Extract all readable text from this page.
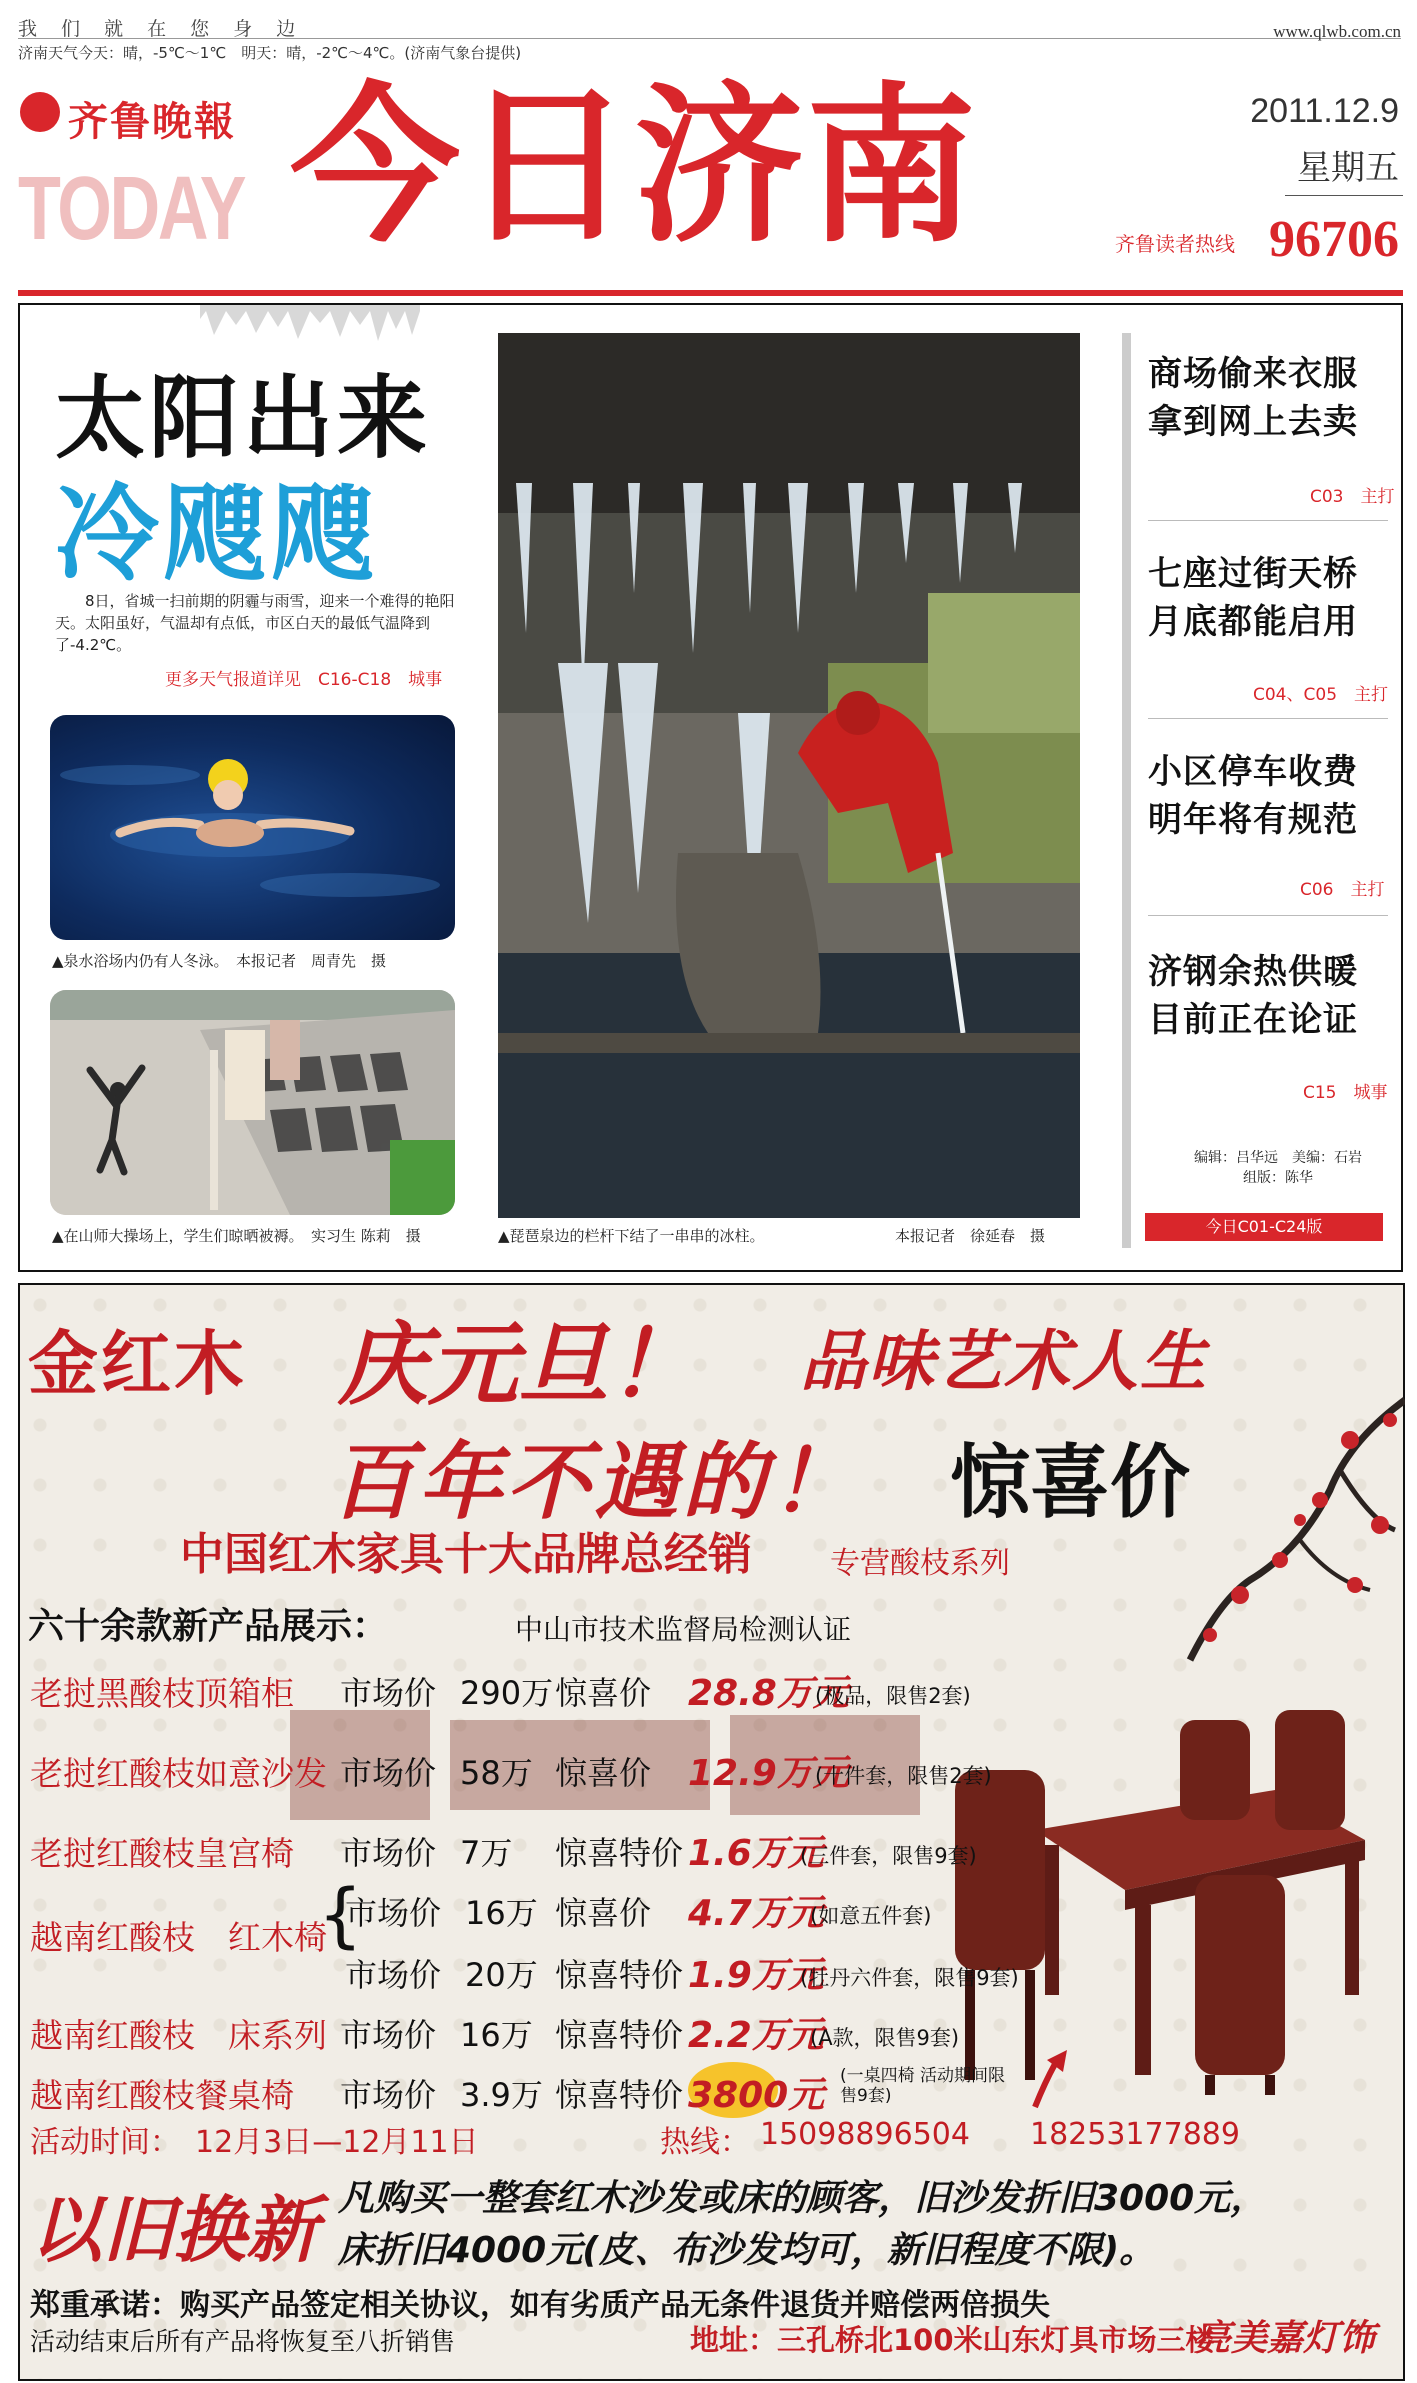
我 们 就 在 您 身 边
济南天气今天：晴，-5℃～1℃　明天：晴，-2℃～4℃。(济南气象台提供)
www.qlwb.com.cn
齐鲁晚報
TODAY 今日济南	2011.12.9
星期五
齐鲁读者热线 96706
太阳出来
冷飕飕
8日，省城一扫前期的阴霾与雨雪，迎来一个难得的艳阳天。太阳虽好，气温却有点低，市区白天的最低气温降到了-4.2℃。
更多天气报道详见　C16-C18　城事
▲泉水浴场内仍有人冬泳。　本报记者　周青先　摄
▲在山师大操场上，学生们晾晒被褥。　实习生 陈莉　摄	▲琵琶泉边的栏杆下结了一串串的冰柱。	本报记者　徐延春　摄
商场偷来衣服
拿到网上去卖
C03　主打
七座过街天桥
月底都能启用
C04、C05　主打
小区停车收费
明年将有规范
C06　主打
济钢余热供暖
目前正在论证
C15　城事
编辑：吕华远　美编：石岩
组版：陈华
今日C01-C24版
金红木 庆元旦！ 品味艺术人生
百年不遇的！ 惊喜价
中国红木家具十大品牌总经销	专营酸枝系列
六十余款新产品展示：	中山市技术监督局检测认证
老挝黑酸枝顶箱柜 市场价 290万 惊喜价 28.8万元
(极品，限售2套)
老挝红酸枝如意沙发 市场价 58万 惊喜价 12.9万元
(十件套，限售2套)
老挝红酸枝皇宫椅 市场价 7万 惊喜特价 1.6万元
(三件套，限售9套)
越南红酸枝　红木椅
{
市场价 16万 惊喜价 4.7万元
(如意五件套)
市场价 20万 惊喜特价 1.9万元
(牡丹六件套，限售9套)
越南红酸枝　床系列 市场价 16万 惊喜特价 2.2万元
(A款，限售9套)
越南红酸枝餐桌椅 市场价 3.9万 惊喜特价 3800元 (一桌四椅 活动期间限售9套)
活动时间：　12月3日—12月11日	热线： 15098896504 18253177889
以旧换新 凡购买一整套红木沙发或床的顾客，旧沙发折旧3000元，
床折旧4000元(皮、布沙发均可，新旧程度不限)。
郑重承诺：购买产品签定相关协议，如有劣质产品无条件退货并赔偿两倍损失
活动结束后所有产品将恢复至八折销售	地址：三孔桥北100米山东灯具市场三楼
亮美嘉灯饰
